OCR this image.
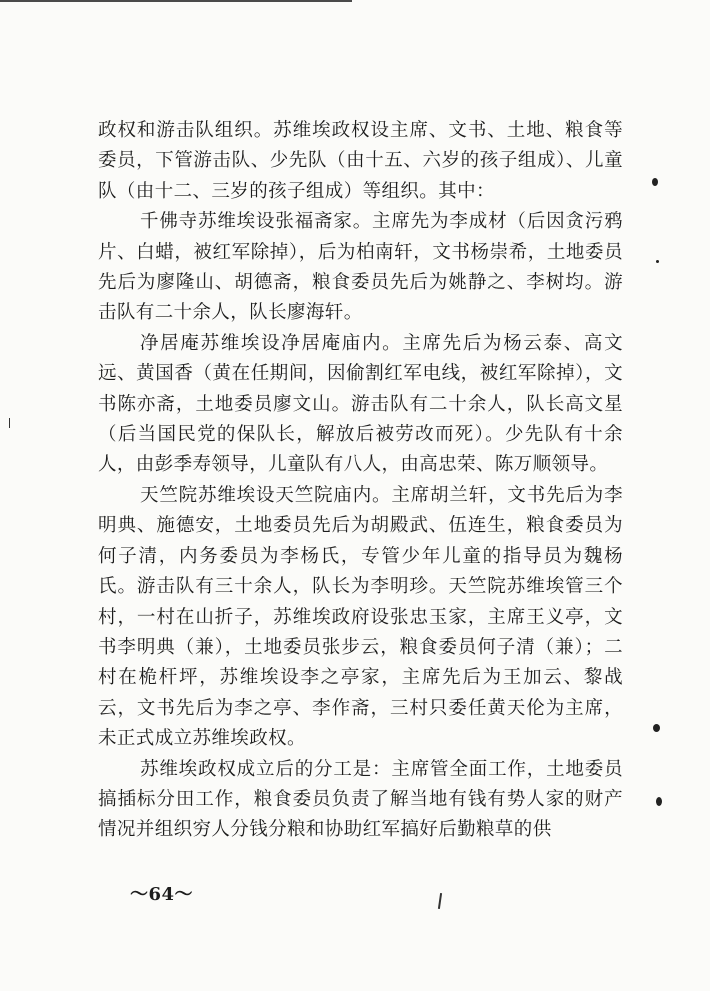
政权和游击队组织。苏维埃政权设主席、文书、土地、粮食等委员，下管游击队、少先队（由十五、六岁的孩子组成）、儿童队（由十二、三岁的孩子组成）等组织。其中：

千佛寺苏维埃设张福斋家。主席先为李成材（后因贪污鸦片、白蜡，被红军除掉），后为柏南轩，文书杨崇希，土地委员先后为廖隆山、胡德斋，粮食委员先后为姚静之、李树均。游击队有二十余人，队长廖海轩。

净居庵苏维埃设净居庵庙内。主席先后为杨云泰、高文远、黄国香（黄在任期间，因偷割红军电线，被红军除掉），文书陈亦斋，土地委员廖文山。游击队有二十余人，队长高文星（后当国民党的保队长，解放后被劳改而死）。少先队有十余人，由彭季寿领导，儿童队有八人，由高忠荣、陈万顺领导。

天竺院苏维埃设天竺院庙内。主席胡兰轩，文书先后为李明典、施德安，土地委员先后为胡殿武、伍连生，粮食委员为何子清，内务委员为李杨氏，专管少年儿童的指导员为魏杨氏。游击队有三十余人，队长为李明珍。天竺院苏维埃管三个村，一村在山折子，苏维埃政府设张忠玉家，主席王义亭，文书李明典（兼），土地委员张步云，粮食委员何子清（兼）；二村在桅杆坪，苏维埃设李之亭家，主席先后为王加云、黎战云，文书先后为李之亭、李作斋，三村只委任黄天伦为主席，未正式成立苏维埃政权。

苏维埃政权成立后的分工是：主席管全面工作，土地委员搞插标分田工作，粮食委员负责了解当地有钱有势人家的财产情况并组织穷人分钱分粮和协助红军搞好后勤粮草的供

～64～
